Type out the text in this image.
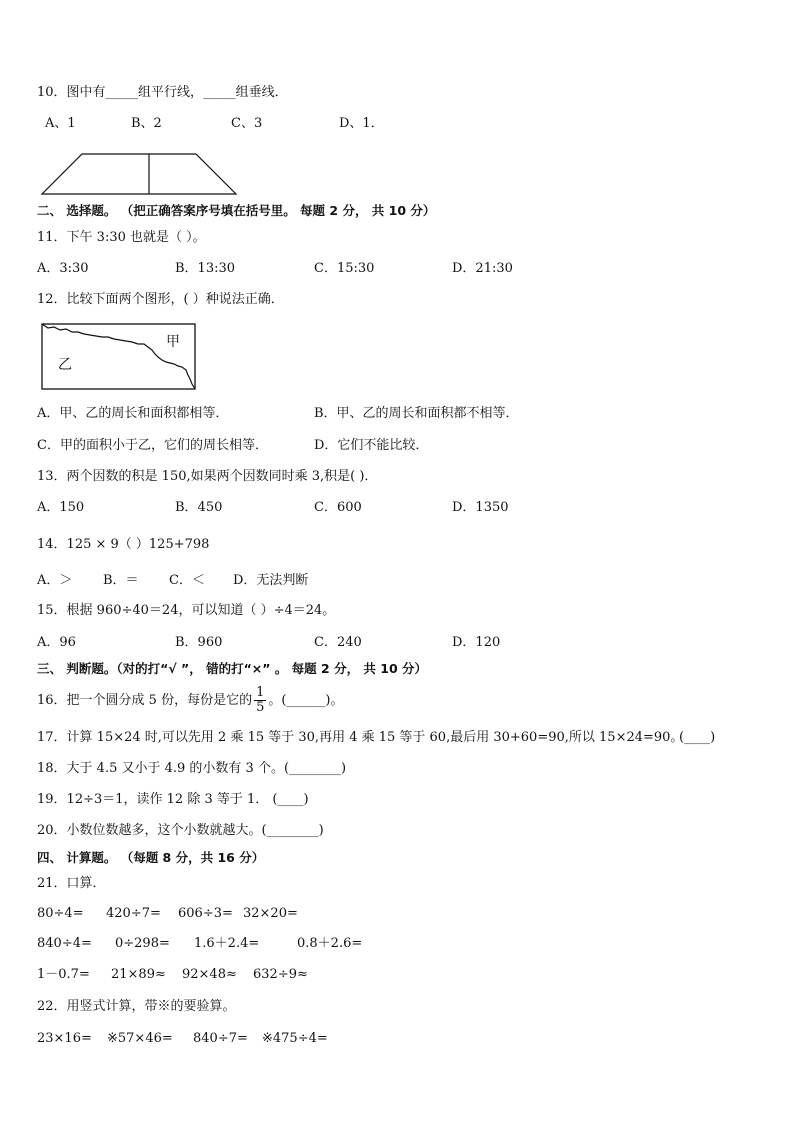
10．图中有_____组平行线，_____组垂线．
A、1	B、2	C、3	D、1．
二、 选择题。 （把正确答案序号填在括号里。 每题 2 分， 共 10 分）
11．下午 3:30 也就是（ ）。
A．3:30	B．13:30	C．15:30	D．21:30
12．比较下面两个图形，( ）种说法正确．
甲
乙
A．甲、乙的周长和面积都相等．	B．甲、乙的周长和面积都不相等．
C．甲的面积小于乙，它们的周长相等．	D．它们不能比较．
13．两个因数的积是 150,如果两个因数同时乘 3,积是( )．
A．150	B．450	C．600	D．1350
14．125 × 9（ ）125+798
A．＞ B．＝ C．＜ D．无法判断
15．根据 960÷40＝24，可以知道（ ）÷4＝24。
A．96	B．960	C．240	D．120
三、 判断题。（对的打“√ ”， 错的打“×” 。 每题 2 分， 共 10 分）
16．把一个圆分成 5 份，每份是它的 $\frac{1}{5}$ 。(______)。
17．计算 15×24 时,可以先用 2 乘 15 等于 30,再用 4 乘 15 等于 60,最后用 30+60=90,所以 15×24=90。
(____)
18．大于 4.5 又小于 4.9 的小数有 3 个。(________)
19．12÷3＝1，读作 12 除 3 等于 1． (____)
20．小数位数越多，这个小数就越大。(________)
四、 计算题。 （每题 8 分，共 16 分）
21．口算．
80÷4= 420÷7= 606÷3= 32×20=
840÷4= 0÷298= 1.6＋2.4=	0.8＋2.6=
1－0.7= 21×89≈ 92×48≈ 632÷9≈
22．用竖式计算，带※的要验算。
23×16= ※57×46= 840÷7= ※475÷4=
